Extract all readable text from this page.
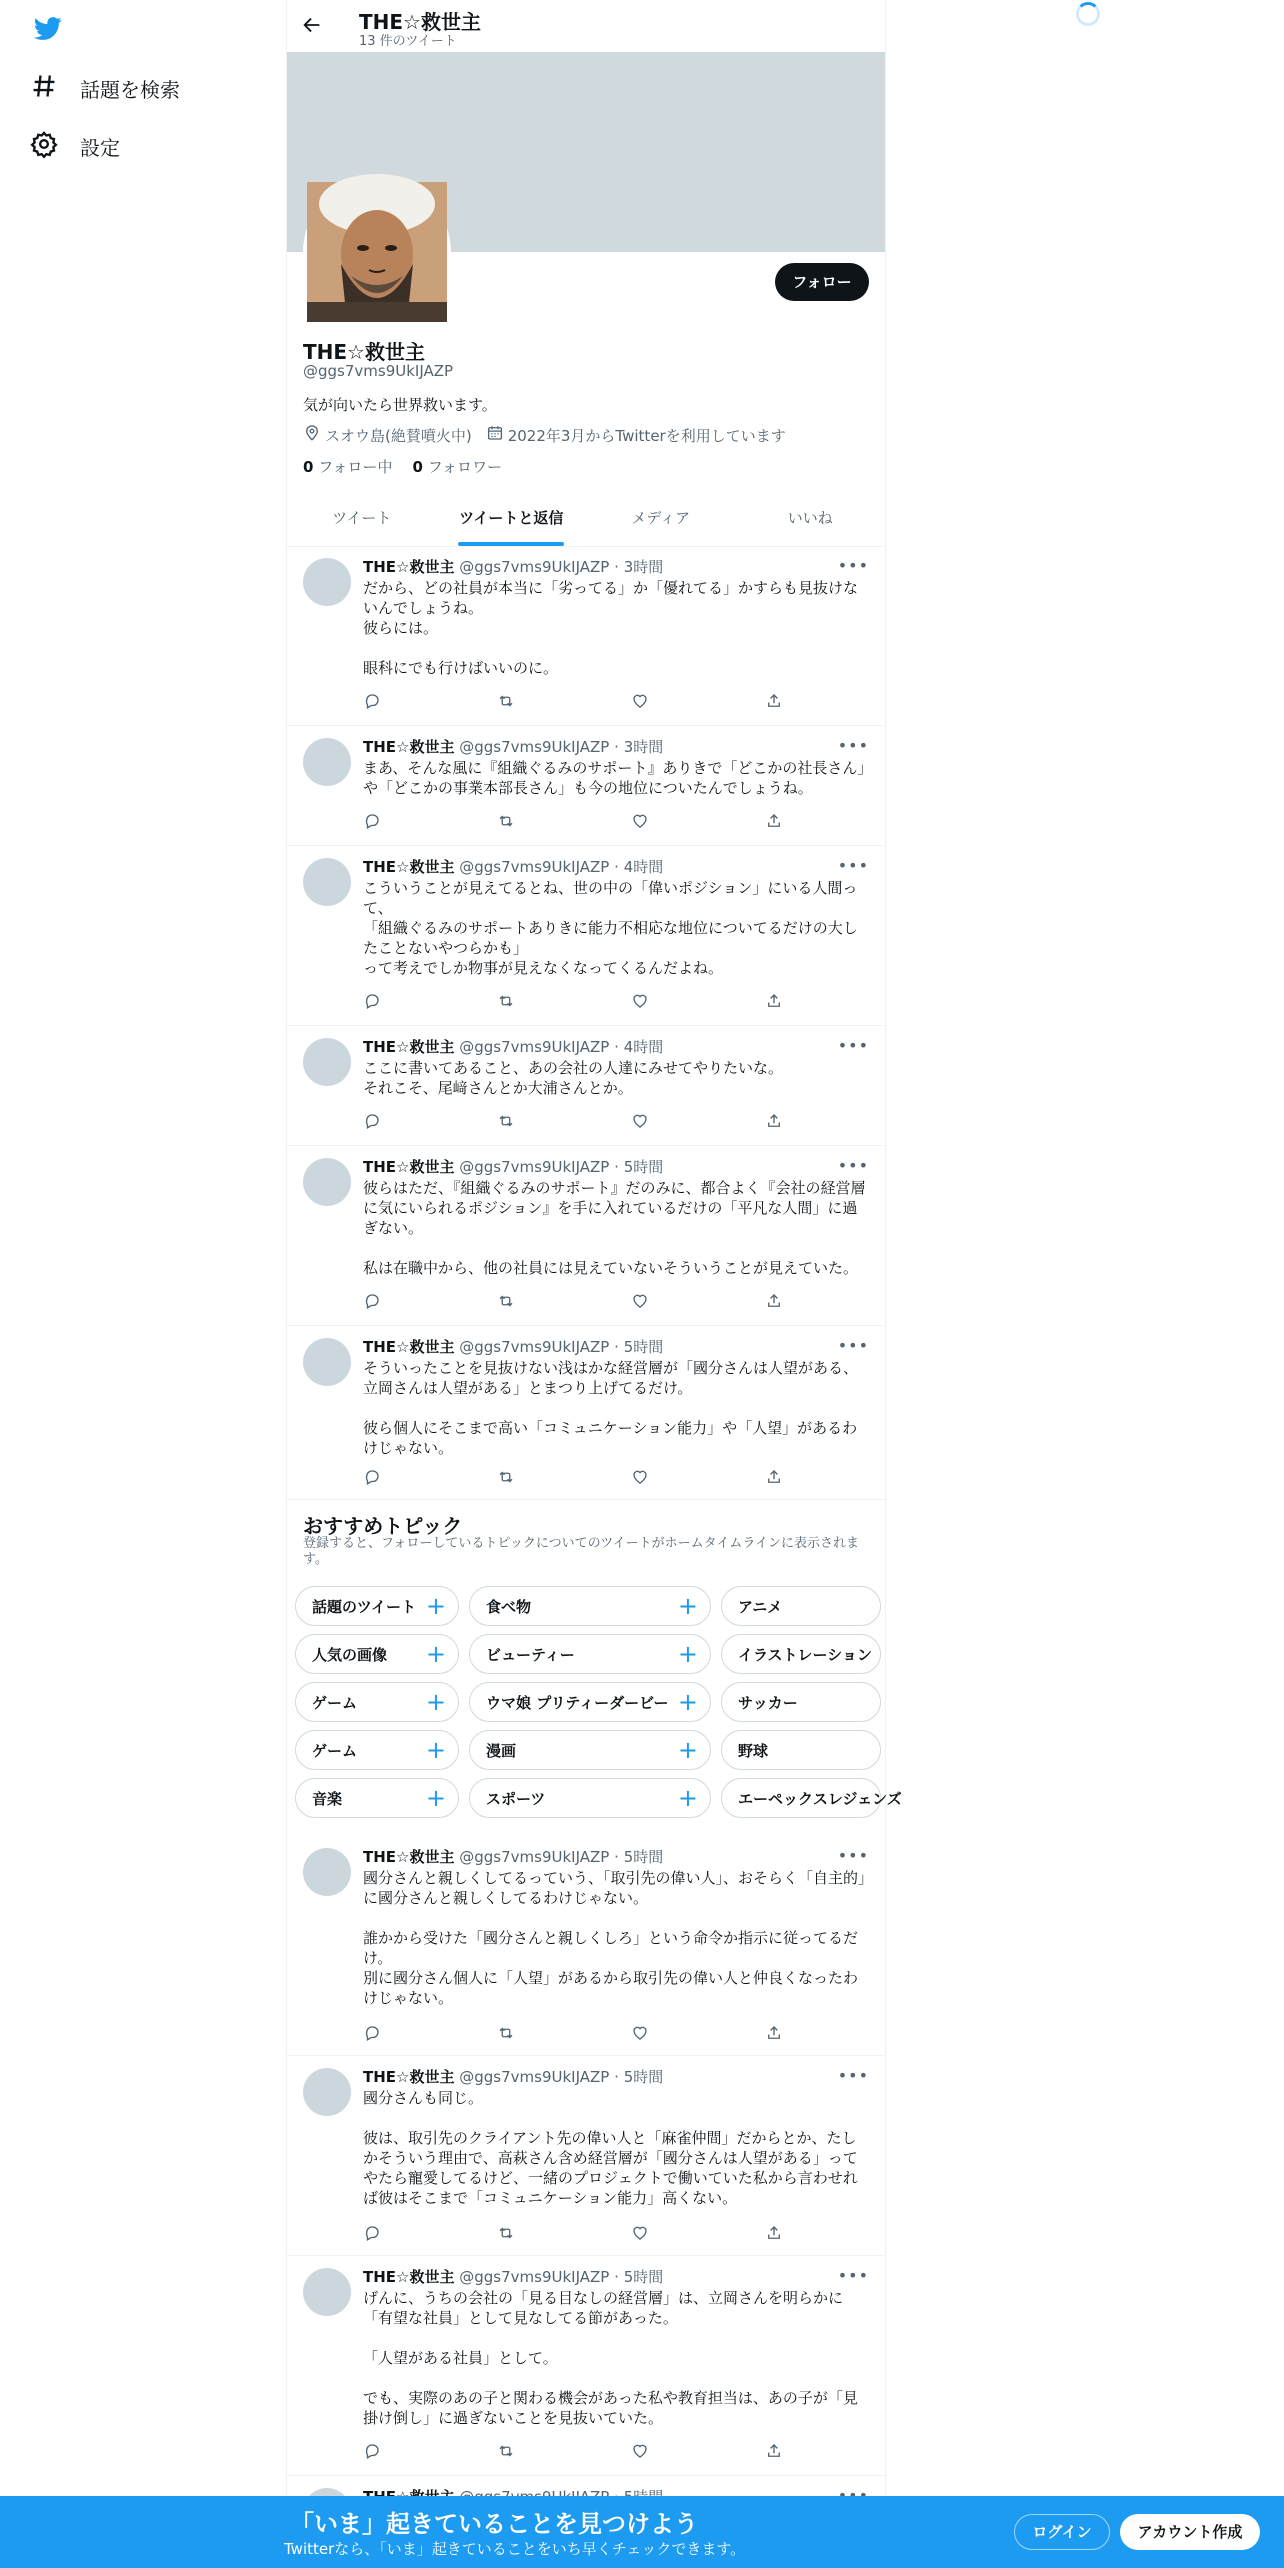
話題を検索
設定
THE☆救世主
13 件のツイート
フォロー
THE☆救世主
@ggs7vms9UkIJAZP
気が向いたら世界救います。
スオウ島(絶賛噴火中) 2022年3月からTwitterを利用しています
0 フォロー中 0 フォロワー
ツイート	ツイートと返信	メディア	いいね
THE☆救世主 @ggs7vms9UkIJAZP · 3時間	•••
だから、どの社員が本当に「劣ってる」か「優れてる」かすらも見抜けないんでしょうね。
彼らには。

眼科にでも行けばいいのに。
THE☆救世主 @ggs7vms9UkIJAZP · 3時間	•••
まあ、そんな風に『組織ぐるみのサポート』ありきで「どこかの社長さん」や「どこかの事業本部長さん」も今の地位についたんでしょうね。
THE☆救世主 @ggs7vms9UkIJAZP · 4時間	•••
こういうことが見えてるとね、世の中の「偉いポジション」にいる人間って、
「組織ぐるみのサポートありきに能力不相応な地位についてるだけの大したことないやつらかも」
って考えでしか物事が見えなくなってくるんだよね。
THE☆救世主 @ggs7vms9UkIJAZP · 4時間	•••
ここに書いてあること、あの会社の人達にみせてやりたいな。
それこそ、尾﨑さんとか大浦さんとか。
THE☆救世主 @ggs7vms9UkIJAZP · 5時間	•••
彼らはただ、『組織ぐるみのサポート』だのみに、都合よく『会社の経営層に気にいられるポジション』を手に入れているだけの「平凡な人間」に過ぎない。

私は在職中から、他の社員には見えていないそういうことが見えていた。
THE☆救世主 @ggs7vms9UkIJAZP · 5時間	•••
そういったことを見抜けない浅はかな経営層が「國分さんは人望がある、立岡さんは人望がある」とまつり上げてるだけ。

彼ら個人にそこまで高い「コミュニケーション能力」や「人望」があるわけじゃない。
おすすめトピック
登録すると、フォローしているトピックについてのツイートがホームタイムラインに表示されます。
話題のツイート +	食べ物	+	アニメ
人気の画像 +	ビューティー	+	イラストレーション
ゲーム	+	ウマ娘 プリティーダービー +	サッカー
ゲーム	+	漫画	+	野球
音楽	+	スポーツ	+	エーペックスレジェンズ
THE☆救世主 @ggs7vms9UkIJAZP · 5時間	•••
國分さんと親しくしてるっていう、「取引先の偉い人」、おそらく「自主的」に國分さんと親しくしてるわけじゃない。

誰かから受けた「國分さんと親しくしろ」という命令か指示に従ってるだけ。
別に國分さん個人に「人望」があるから取引先の偉い人と仲良くなったわけじゃない。
THE☆救世主 @ggs7vms9UkIJAZP · 5時間	•••
國分さんも同じ。

彼は、取引先のクライアント先の偉い人と「麻雀仲間」だからとか、たしかそういう理由で、高萩さん含め経営層が「國分さんは人望がある」ってやたら寵愛してるけど、一緒のプロジェクトで働いていた私から言わせれば彼はそこまで「コミュニケーション能力」高くない。
THE☆救世主 @ggs7vms9UkIJAZP · 5時間	•••
げんに、うちの会社の「見る目なしの経営層」は、立岡さんを明らかに「有望な社員」として見なしてる節があった。

「人望がある社員」として。

でも、実際のあの子と関わる機会があった私や教育担当は、あの子が「見掛け倒し」に過ぎないことを見抜いていた。
「いま」起きていることを見つけよう
Twitterなら、「いま」起きていることをいち早くチェックできます。
ログイン	アカウント作成
